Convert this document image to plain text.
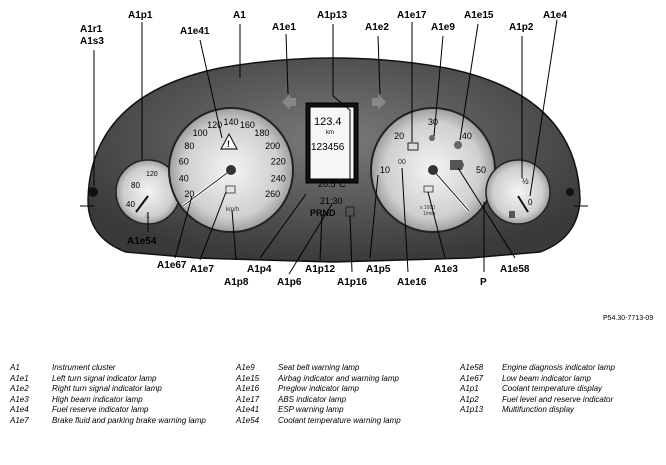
40
80
120
♨
20
40
60
80
100
120 140 160
180
200
220
240
260
!
km/h
123.4
km
123456
20.5°C
21:30
PRND
10
20
30
40
50
00
x 1000
1/min
½
0
A1r1
A1s3
A1p1	A1
A1e41	A1e1
A1p13
A1e2
A1e17
A1e9
A1e15
A1p2
A1e4
A1e54
A1e67 A1e7
A1p8
A1p4
A1p6
A1p12
A1p16
A1p5
A1e16
A1e3
P
A1e58
P54.30-7713-09
A1	Instrument cluster
A1e1	Left turn signal indicator lamp
A1e2	Right turn signal indicator lamp
A1e3	High beam indicator lamp
A1e4	Fuel reserve indicator lamp
A1e7	Brake fluid and parking brake warning lamp
A1e9	Seat belt warning lamp
A1e15	Airbag indicator and warning lamp
A1e16	Preglow indicator lamp
A1e17	ABS indicator lamp
A1e41	ESP warning lamp
A1e54	Coolant temperature warning lamp
A1e58	Engine diagnosis indicator lamp
A1e67	Low beam indicator lamp
A1p1	Coolant temperature display
A1p2	Fuel level and reserve indicator
A1p13	Multifunction display
